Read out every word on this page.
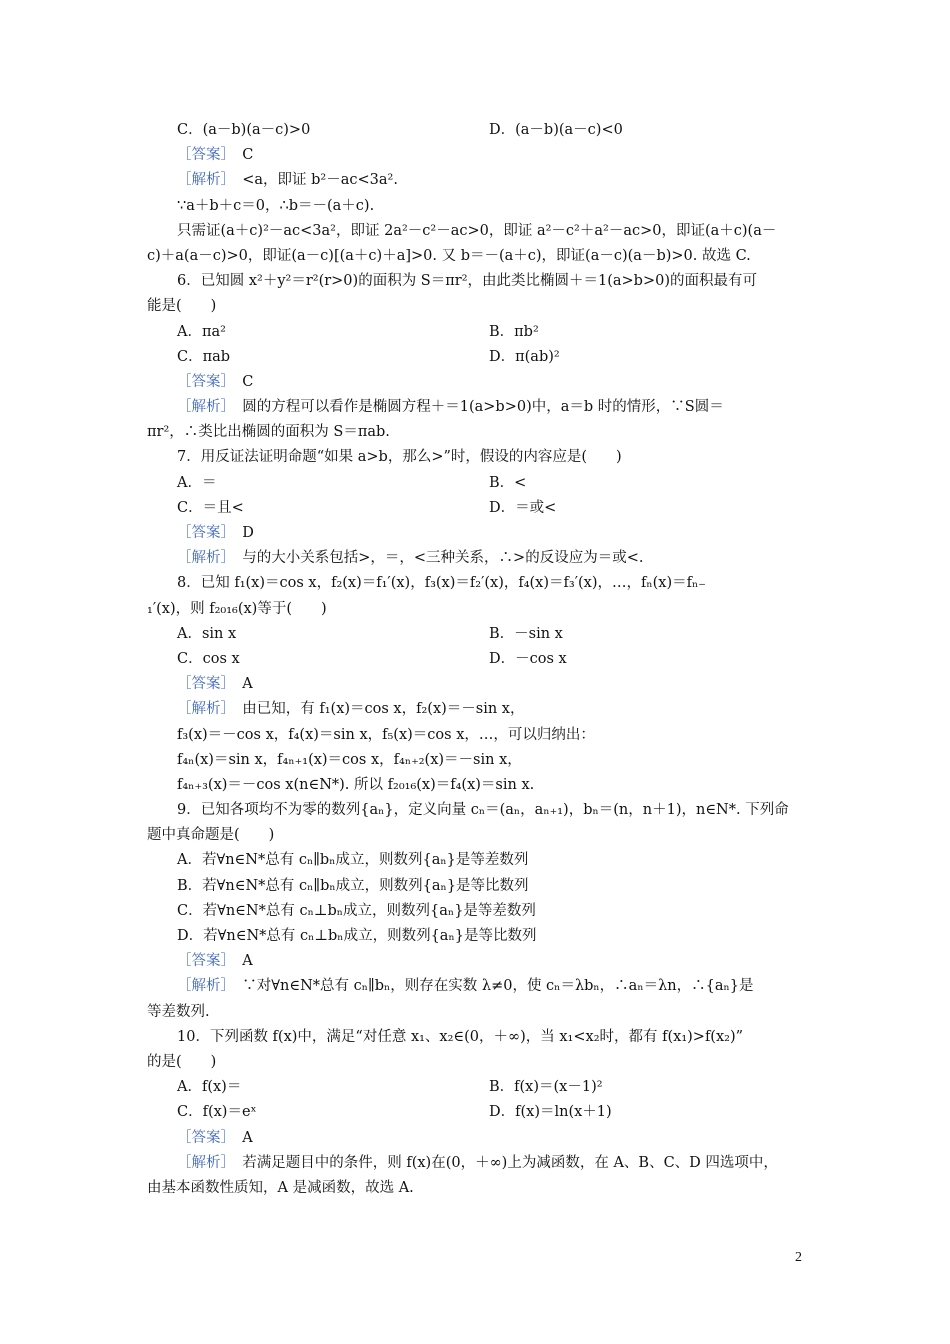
C．(a－b)(a－c)>0	D．(a－b)(a－c)<0
［答案］　C
［解析］　<a，即证 b²－ac<3a².
∵a＋b＋c＝0，∴b＝－(a＋c).
只需证(a＋c)²－ac<3a²，即证 2a²－c²－ac>0，即证 a²－c²＋a²－ac>0，即证(a＋c)(a－
c)＋a(a－c)>0，即证(a－c)[(a＋c)＋a]>0. 又 b＝－(a＋c)，即证(a－c)(a－b)>0. 故选 C.
6．已知圆 x²＋y²＝r²(r>0)的面积为 S＝πr²，由此类比椭圆＋＝1(a>b>0)的面积最有可
能是(　　)
A．πa²	B．πb²
C．πab	D．π(ab)²
［答案］　C
［解析］　圆的方程可以看作是椭圆方程＋＝1(a>b>0)中，a＝b 时的情形，∵S圆＝
πr²，∴类比出椭圆的面积为 S＝πab.
7．用反证法证明命题“如果 a>b，那么>”时，假设的内容应是(　　)
A．＝	B．<
C．＝且<	D．＝或<
［答案］　D
［解析］　与的大小关系包括>，＝，<三种关系，∴>的反设应为＝或<.
8．已知 f₁(x)＝cos x，f₂(x)＝f₁′(x)，f₃(x)＝f₂′(x)，f₄(x)＝f₃′(x)，…，fₙ(x)＝fₙ₋
₁′(x)，则 f₂₀₁₆(x)等于(　　)
A．sin x	B．－sin x
C．cos x	D．－cos x
［答案］　A
［解析］　由已知，有 f₁(x)＝cos x，f₂(x)＝－sin x，
f₃(x)＝－cos x，f₄(x)＝sin x，f₅(x)＝cos x，…，可以归纳出：
f₄ₙ(x)＝sin x，f₄ₙ₊₁(x)＝cos x，f₄ₙ₊₂(x)＝－sin x，
f₄ₙ₊₃(x)＝－cos x(n∈N*). 所以 f₂₀₁₆(x)＝f₄(x)＝sin x.
9．已知各项均不为零的数列{aₙ}，定义向量 cₙ＝(aₙ，aₙ₊₁)，bₙ＝(n，n＋1)，n∈N*. 下列命
题中真命题是(　　)
A．若∀n∈N*总有 cₙ∥bₙ成立，则数列{aₙ}是等差数列
B．若∀n∈N*总有 cₙ∥bₙ成立，则数列{aₙ}是等比数列
C．若∀n∈N*总有 cₙ⊥bₙ成立，则数列{aₙ}是等差数列
D．若∀n∈N*总有 cₙ⊥bₙ成立，则数列{aₙ}是等比数列
［答案］　A
［解析］　∵对∀n∈N*总有 cₙ∥bₙ，则存在实数 λ≠0，使 cₙ＝λbₙ，∴aₙ＝λn，∴{aₙ}是
等差数列.
10．下列函数 f(x)中，满足“对任意 x₁、x₂∈(0，＋∞)，当 x₁<x₂时，都有 f(x₁)>f(x₂)”
的是(　　)
A．f(x)＝	B．f(x)＝(x－1)²
C．f(x)＝eˣ	D．f(x)＝ln(x＋1)
［答案］　A
［解析］　若满足题目中的条件，则 f(x)在(0，＋∞)上为减函数，在 A、B、C、D 四选项中，
由基本函数性质知，A 是减函数，故选 A.
2
